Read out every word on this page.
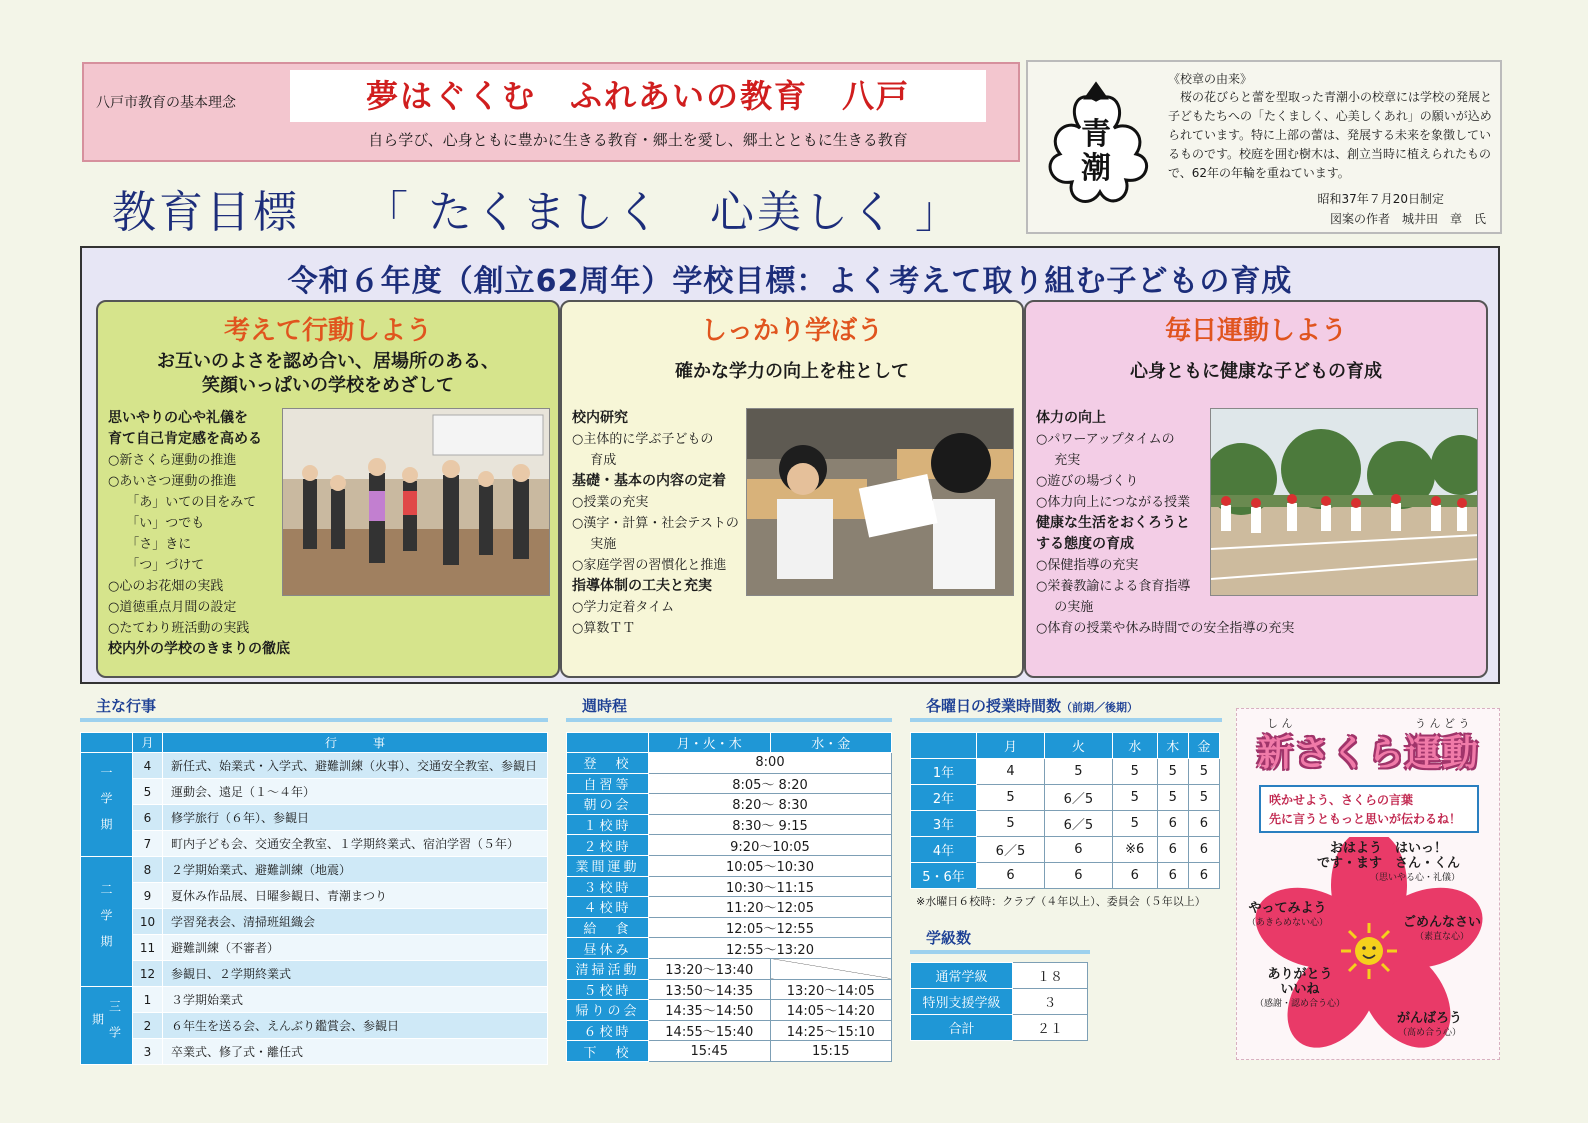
八戸市教育の基本理念	夢はぐくむ　ふれあいの教育　八戸
自ら学び、心身ともに豊かに生きる教育・郷土を愛し、郷土とともに生きる教育
教育目標　 「 たくましく　心美しく 」
青
潮
《校章の由来》
桜の花びらと蕾を型取った青潮小の校章には学校の発展と子どもたちへの「たくましく、心美しくあれ」の願いが込められています。特に上部の蕾は、発展する未来を象徴しているものです。校庭を囲む樹木は、創立当時に植えられたもので、62年の年輪を重ねています。
昭和37年７月20日制定
図案の作者　城井田　章　氏
令和６年度（創立62周年）学校目標：よく考えて取り組む子どもの育成
考えて行動しよう
お互いのよさを認め合い、居場所のある、
笑顔いっぱいの学校をめざして
思いやりの心や礼儀を
育て自己肯定感を高める
○新さくら運動の推進
○あいさつ運動の推進
「あ」いての目をみて
「い」つでも
「さ」きに
「つ」づけて
○心のお花畑の実践
○道徳重点月間の設定
○たてわり班活動の実践
校内外の学校のきまりの徹底
しっかり学ぼう
確かな学力の向上を柱として
校内研究
○主体的に学ぶ子どもの
育成
基礎・基本の内容の定着
○授業の充実
○漢字・計算・社会テストの
実施
○家庭学習の習慣化と推進
指導体制の工夫と充実
○学力定着タイム
○算数ＴＴ
毎日運動しよう
心身ともに健康な子どもの育成
体力の向上
○パワーアップタイムの
充実
○遊びの場づくり
○体力向上につながる授業
健康な生活をおくろうと
する態度の育成
○保健指導の充実
○栄養教諭による食育指導
の実施
○体育の授業や休み時間での安全指導の充実
主な行事
	月	行　　　事
一学期	4	新任式、始業式・入学式、避難訓練（火事）、交通安全教室、参観日
	5	運動会、遠足（１～４年）
	6	修学旅行（６年）、参観日
	7	町内子ども会、交通安全教室、１学期終業式、宿泊学習（５年）
二学期	8	２学期始業式、避難訓練（地震）
	9	夏休み作品展、日曜参観日、青潮まつり
	10	学習発表会、清掃班組織会
	11	避難訓練（不審者）
	12	参観日、２学期終業式
三学期	1	３学期始業式
	2	６年生を送る会、えんぶり鑑賞会、参観日
	3	卒業式、修了式・離任式
週時程
	月・火・木	水・金
登　校	8:00	
自習等	8:05～ 8:20	
朝の会	8:20～ 8:30	
１校時	8:30～ 9:15	
２校時	9:20～10:05	
業間運動	10:05～10:30	
３校時	10:30～11:15	
４校時	11:20～12:05	
給　食	12:05～12:55	
昼休み	12:55～13:20	
清掃活動	13:20～13:40	
５校時	13:50～14:35	13:20～14:05
帰りの会	14:35～14:50	14:05～14:20
６校時	14:55～15:40	14:25～15:10
下　校	15:45	15:15
各曜日の授業時間数（前期／後期）
	月	火	水	木	金
1年	4	5	5	5	5
2年	5	6／5	5	5	5
3年	5	6／5	5	6	6
4年	6／5	6	※6	6	6
5・6年	6	6	6	6	6
※水曜日６校時：クラブ（４年以上）、委員会（５年以上）
学級数
通常学級	１８
特別支援学級	３
合計	２１
し ん	う ん ど う
新さくら運動
咲かせよう、さくらの言葉
先に言うともっと思いが伝わるね！
おはよう　はいっ！
です・ます　さん・くん
（思いやる心・礼儀）
やってみよう
（あきらめない心）	ごめんなさい
（素直な心）
ありがとう
いいね
（感謝・認め合う心）
がんばろう
（高め合う心）
